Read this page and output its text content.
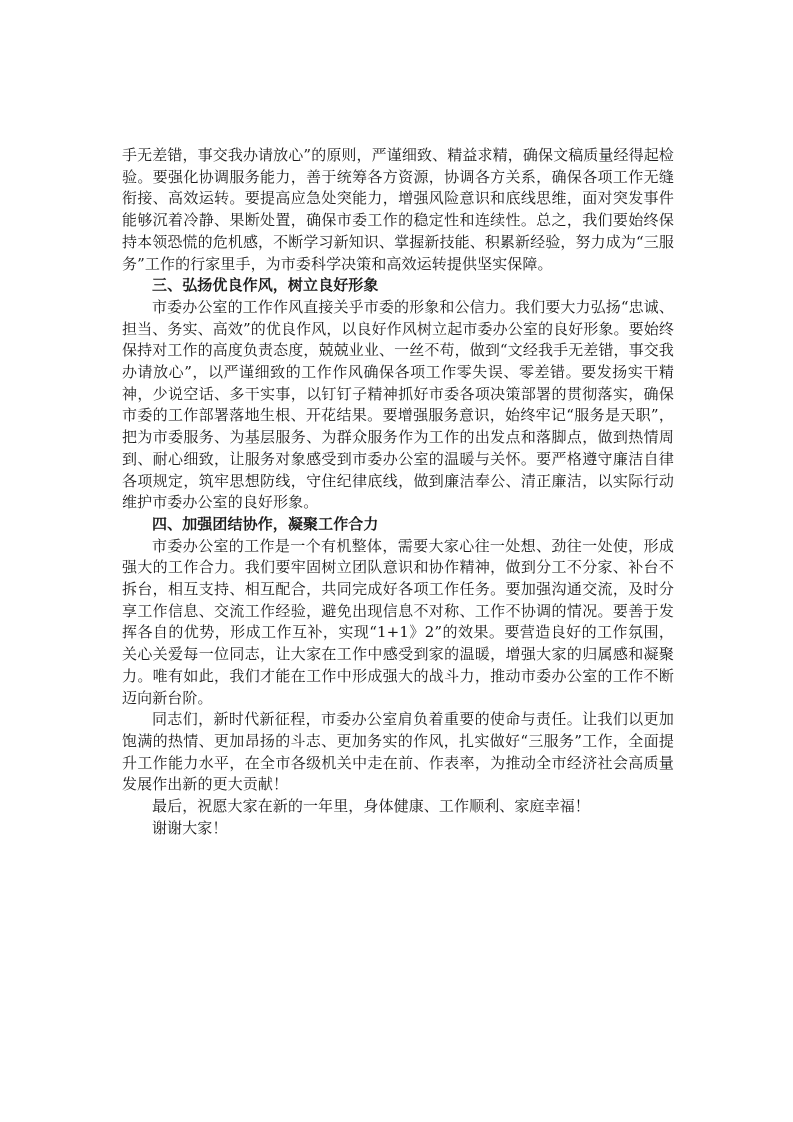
手无差错，事交我办请放心”的原则，严谨细致、精益求精，确保文稿质量经得起检验。要强化协调服务能力，善于统筹各方资源，协调各方关系，确保各项工作无缝衔接、高效运转。要提高应急处突能力，增强风险意识和底线思维，面对突发事件能够沉着冷静、果断处置，确保市委工作的稳定性和连续性。总之，我们要始终保持本领恐慌的危机感，不断学习新知识、掌握新技能、积累新经验，努力成为“三服务”工作的行家里手，为市委科学决策和高效运转提供坚实保障。

三、弘扬优良作风，树立良好形象

市委办公室的工作作风直接关乎市委的形象和公信力。我们要大力弘扬“忠诚、担当、务实、高效”的优良作风，以良好作风树立起市委办公室的良好形象。要始终保持对工作的高度负责态度，兢兢业业、一丝不苟，做到“文经我手无差错，事交我办请放心”，以严谨细致的工作作风确保各项工作零失误、零差错。要发扬实干精神，少说空话、多干实事，以钉钉子精神抓好市委各项决策部署的贯彻落实，确保市委的工作部署落地生根、开花结果。要增强服务意识，始终牢记“服务是天职”，把为市委服务、为基层服务、为群众服务作为工作的出发点和落脚点，做到热情周到、耐心细致，让服务对象感受到市委办公室的温暖与关怀。要严格遵守廉洁自律各项规定，筑牢思想防线，守住纪律底线，做到廉洁奉公、清正廉洁，以实际行动维护市委办公室的良好形象。

四、加强团结协作，凝聚工作合力

市委办公室的工作是一个有机整体，需要大家心往一处想、劲往一处使，形成强大的工作合力。我们要牢固树立团队意识和协作精神，做到分工不分家、补台不拆台，相互支持、相互配合，共同完成好各项工作任务。要加强沟通交流，及时分享工作信息、交流工作经验，避免出现信息不对称、工作不协调的情况。要善于发挥各自的优势，形成工作互补，实现“1+1》2”的效果。要营造良好的工作氛围，关心关爱每一位同志，让大家在工作中感受到家的温暖，增强大家的归属感和凝聚力。唯有如此，我们才能在工作中形成强大的战斗力，推动市委办公室的工作不断迈向新台阶。

同志们，新时代新征程，市委办公室肩负着重要的使命与责任。让我们以更加饱满的热情、更加昂扬的斗志、更加务实的作风，扎实做好“三服务”工作，全面提升工作能力水平，在全市各级机关中走在前、作表率，为推动全市经济社会高质量发展作出新的更大贡献！

最后，祝愿大家在新的一年里，身体健康、工作顺利、家庭幸福！

谢谢大家！
